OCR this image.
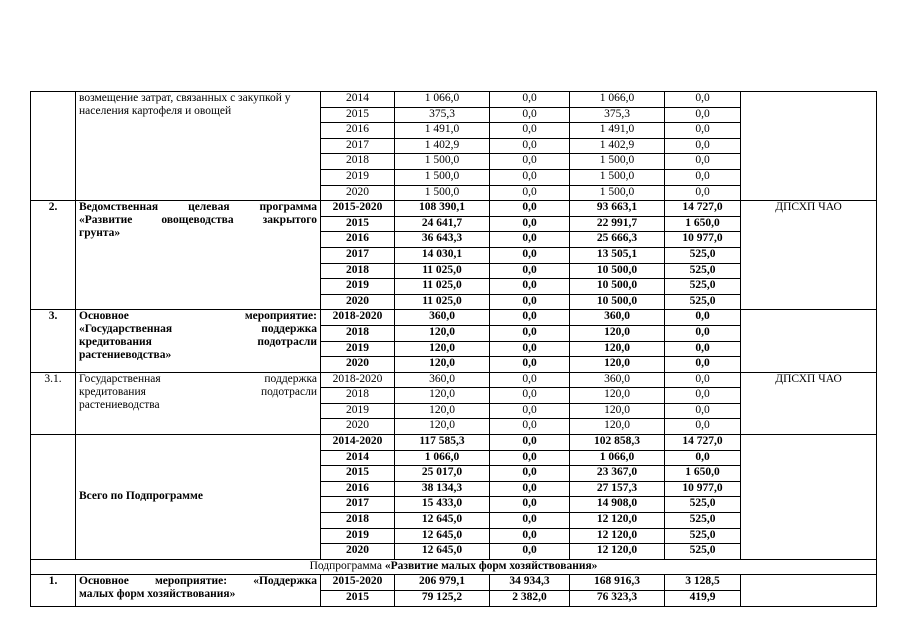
	возмещение затрат, связанных с закупкой у населения картофеля и овощей	2014	1 066,0	0,0	1 066,0	0,0	
		2015	375,3	0,0	375,3	0,0	
		2016	1 491,0	0,0	1 491,0	0,0	
		2017	1 402,9	0,0	1 402,9	0,0	
		2018	1 500,0	0,0	1 500,0	0,0	
		2019	1 500,0	0,0	1 500,0	0,0	
		2020	1 500,0	0,0	1 500,0	0,0	
2.	Ведомственная целевая программа
«Развитие овощеводства закрытого
грунта»	2015-2020	108 390,1	0,0	93 663,1	14 727,0	ДПСХП ЧАО
		2015	24 641,7	0,0	22 991,7	1 650,0	
		2016	36 643,3	0,0	25 666,3	10 977,0	
		2017	14 030,1	0,0	13 505,1	525,0	
		2018	11 025,0	0,0	10 500,0	525,0	
		2019	11 025,0	0,0	10 500,0	525,0	
		2020	11 025,0	0,0	10 500,0	525,0	
3.	Основное мероприятие:
«Государственная поддержка
кредитования подотрасли
растениеводства»	2018-2020	360,0	0,0	360,0	0,0	
		2018	120,0	0,0	120,0	0,0	
		2019	120,0	0,0	120,0	0,0	
		2020	120,0	0,0	120,0	0,0	
3.1.	Государственная поддержка
кредитования подотрасли
растениеводства	2018-2020	360,0	0,0	360,0	0,0	ДПСХП ЧАО
		2018	120,0	0,0	120,0	0,0	
		2019	120,0	0,0	120,0	0,0	
		2020	120,0	0,0	120,0	0,0	
	Всего по Подпрограмме	2014-2020	117 585,3	0,0	102 858,3	14 727,0	
		2014	1 066,0	0,0	1 066,0	0,0	
		2015	25 017,0	0,0	23 367,0	1 650,0	
		2016	38 134,3	0,0	27 157,3	10 977,0	
		2017	15 433,0	0,0	14 908,0	525,0	
		2018	12 645,0	0,0	12 120,0	525,0	
		2019	12 645,0	0,0	12 120,0	525,0	
		2020	12 645,0	0,0	12 120,0	525,0	
Подпрограмма «Развитие малых форм хозяйствования»							
1.	Основное мероприятие: «Поддержка
малых форм хозяйствования»	2015-2020	206 979,1	34 934,3	168 916,3	3 128,5	
		2015	79 125,2	2 382,0	76 323,3	419,9	
